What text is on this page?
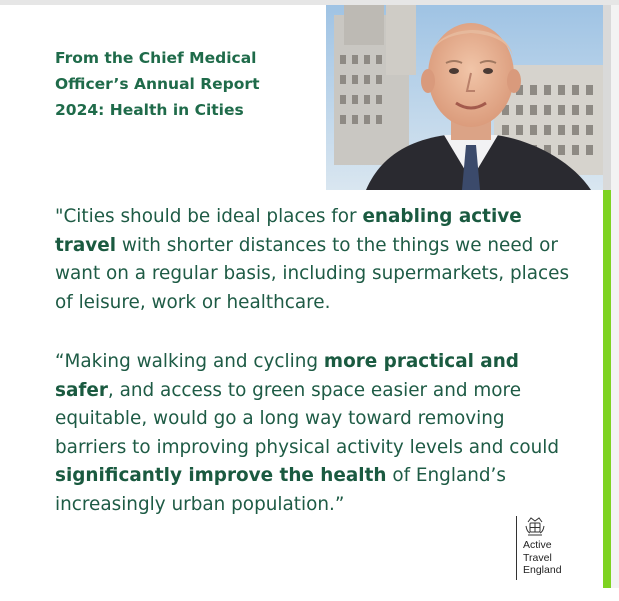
From the Chief Medical
Officer’s Annual Report
2024: Health in Cities

"Cities should be ideal places for enabling active travel with shorter distances to the things we need or want on a regular basis, including supermarkets, places of leisure, work or healthcare.

“Making walking and cycling more practical and safer, and access to green space easier and more equitable, would go a long way toward removing barriers to improving physical activity levels and could significantly improve the health of England’s increasingly urban population.”

Active
Travel
England
